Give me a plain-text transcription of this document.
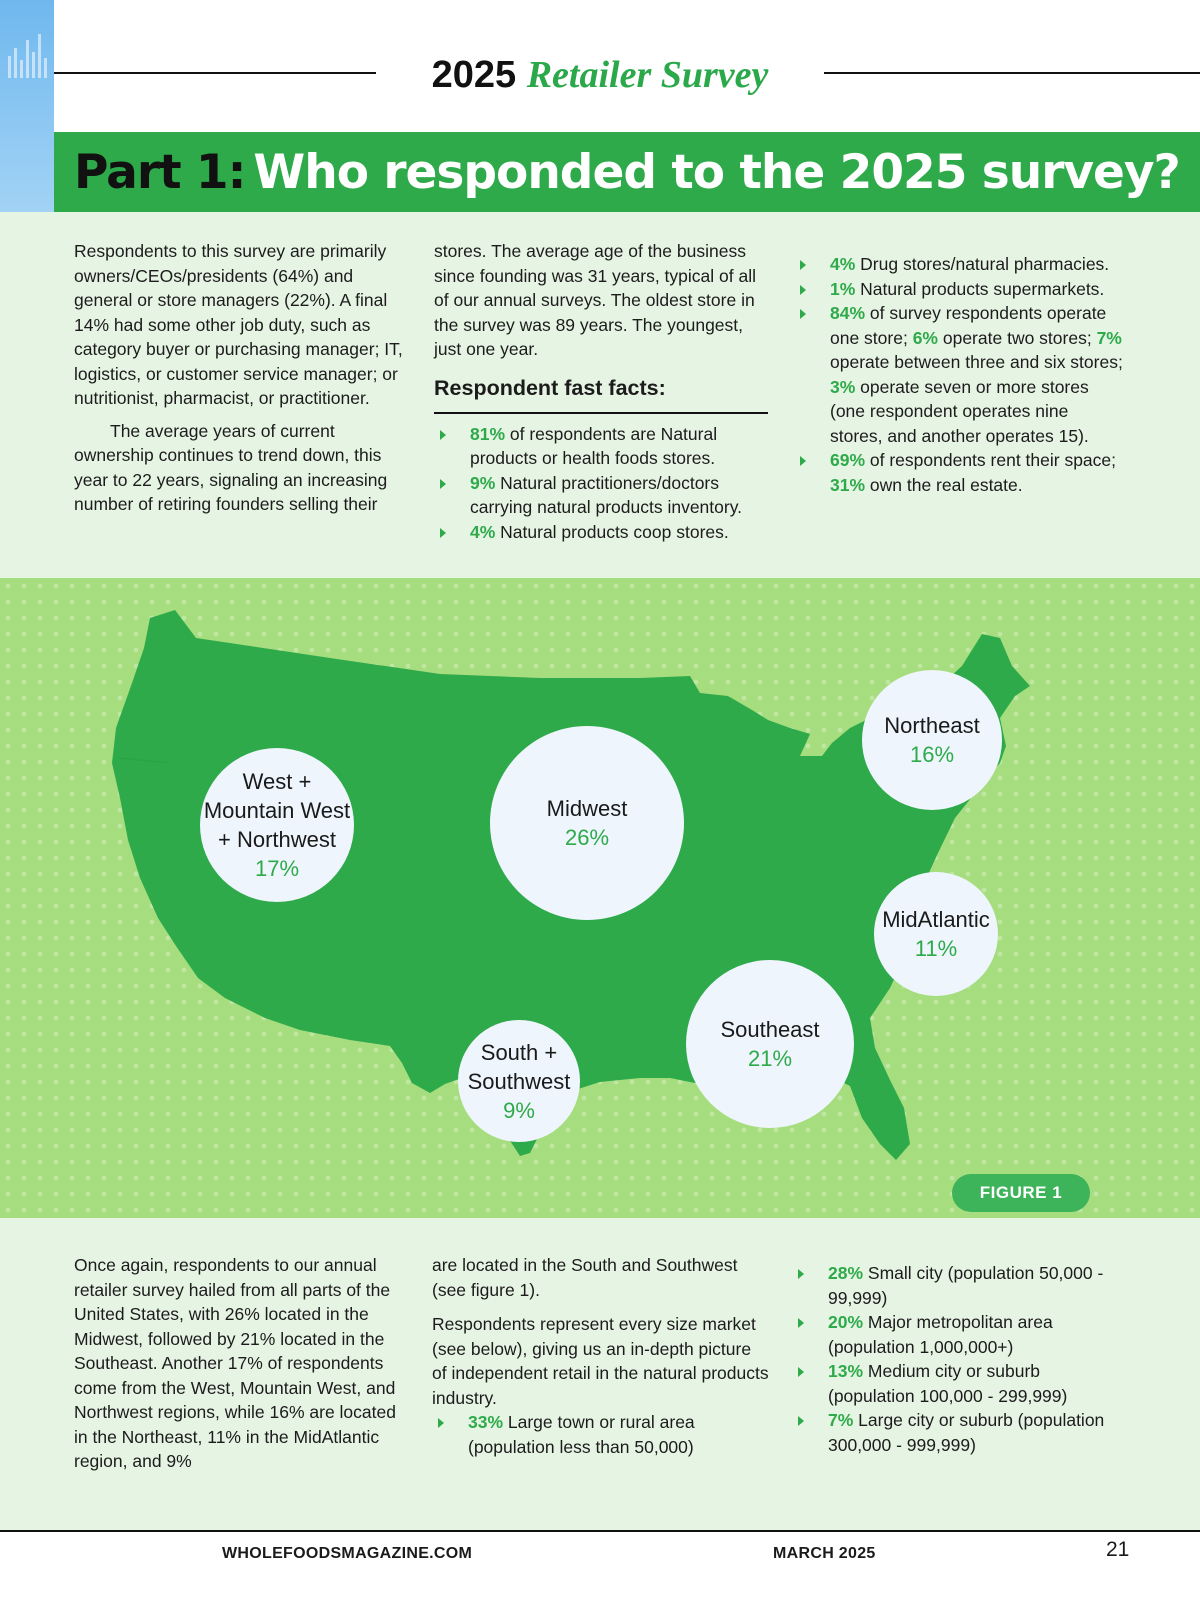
2025 Retailer Survey
Part 1: Who responded to the 2025 survey?

Respondents to this survey are primarily owners/CEOs/presidents (64%) and general or store managers (22%). A final 14% had some other job duty, such as category buyer or purchasing manager; IT, logistics, or customer service manager; or nutritionist, pharmacist, or practitioner.

The average years of current ownership continues to trend down, this year to 22 years, signaling an increasing number of retiring founders selling their

stores. The average age of the business since founding was 31 years, typical of all of our annual surveys. The oldest store in the survey was 89 years. The youngest, just one year.

Respondent fast facts:
81% of respondents are Natural products or health foods stores.
9% Natural practitioners/doctors carrying natural products inventory.
4% Natural products coop stores.
4% Drug stores/natural pharmacies.
1% Natural products supermarkets.
84% of survey respondents operate one store; 6% operate two stores; 7% operate between three and six stores; 3% operate seven or more stores (one respondent operates nine stores, and another operates 15).
69% of respondents rent their space; 31% own the real estate.
West +
Mountain West
+ Northwest
17%
Midwest
26%
Northeast
16%
MidAtlantic
11%
Southeast
21%
South +
Southwest
9%
FIGURE 1

Once again, respondents to our annual retailer survey hailed from all parts of the United States, with 26% located in the Midwest, followed by 21% located in the Southeast. Another 17% of respondents come from the West, Mountain West, and Northwest regions, while 16% are located in the Northeast, 11% in the MidAtlantic region, and 9%

are located in the South and Southwest (see figure 1).

Respondents represent every size market (see below), giving us an in-depth picture of independent retail in the natural products industry.

33% Large town or rural area (population less than 50,000)
28% Small city (population 50,000 - 99,999)
20% Major metropolitan area (population 1,000,000+)
13% Medium city or suburb (population 100,000 - 299,999)
7% Large city or suburb (population 300,000 - 999,999)
WHOLEFOODSMAGAZINE.COM	MARCH 2025	21
